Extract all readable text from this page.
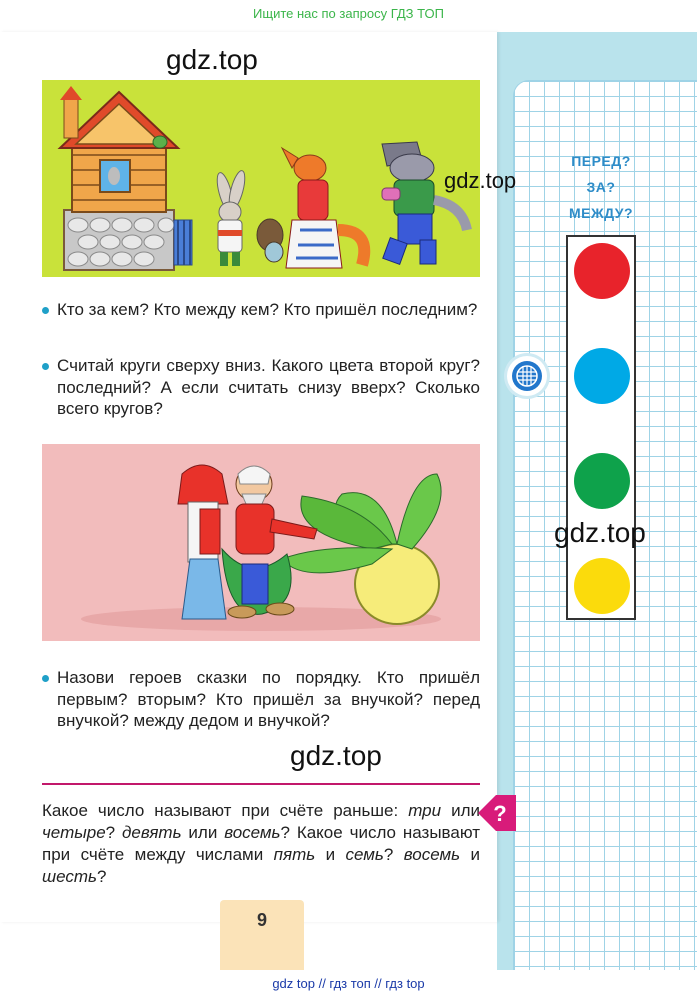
Ищите нас по запросу ГДЗ ТОП
ПЕРЕД?
ЗА?
МЕЖДУ?
gdz.top
gdz.top
gdz.top
gdz.top
Кто за кем? Кто между кем? Кто пришёл последним?
Считай круги сверху вниз. Какого цвета второй круг? последний? А если считать снизу вверх? Сколько всего кругов?
Назови героев сказки по порядку. Кто пришёл первым? вторым? Кто пришёл за внучкой? перед внучкой? между дедом и внучкой?
Какое число называют при счёте раньше: три или четыре? девять или восемь? Какое число называют при счёте между числами пять и семь? восемь и шесть?
?
9
gdz top // гдз топ // гдз top
